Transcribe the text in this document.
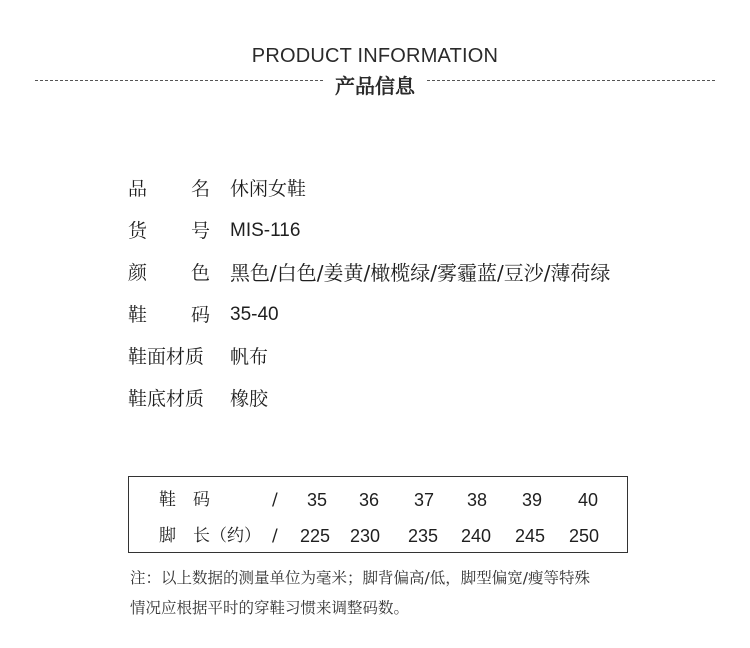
PRODUCT INFORMATION
产品信息
品 名 休闲女鞋
货 号 MIS-116
颜 色 黑色/白色/姜黄/橄榄绿/雾霾蓝/豆沙/薄荷绿
鞋 码 35-40
鞋面材质 帆布
鞋底材质 橡胶
鞋 码	/ 35 36 37 38 39 40
脚 长（约） / 225 230 235 240 245 250
注：以上数据的测量单位为毫米；脚背偏高/低，脚型偏宽/瘦等特殊
情况应根据平时的穿鞋习惯来调整码数。
